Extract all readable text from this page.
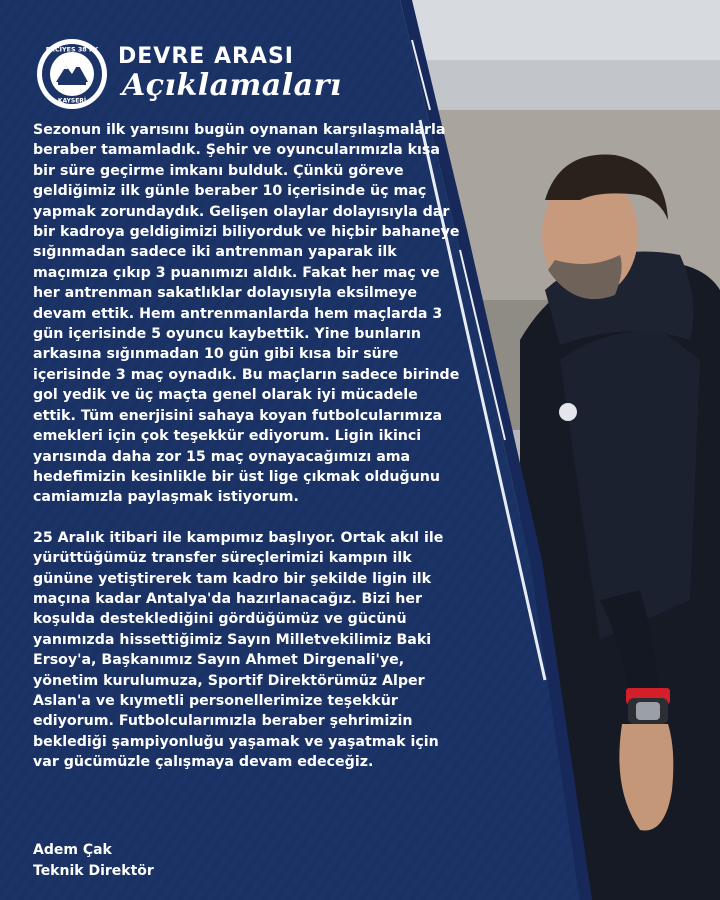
ERCİYES 38 FK
KAYSERİ
DEVRE ARASI
Açıklamaları

Sezonun ilk yarısını bugün oynanan karşılaşmalarla beraber tamamladık. Şehir ve oyuncularımızla kısa bir süre geçirme imkanı bulduk. Çünkü göreve geldiğimiz ilk günle beraber 10 içerisinde üç maç yapmak zorundaydık. Gelişen olaylar dolayısıyla dar bir kadroya geldigimizi biliyorduk ve hiçbir bahaneye sığınmadan sadece iki antrenman yaparak ilk maçımıza çıkıp 3 puanımızı aldık. Fakat her maç ve her antrenman sakatlıklar dolayısıyla eksilmeye devam ettik. Hem antrenmanlarda hem maçlarda 3 gün içerisinde 5 oyuncu kaybettik. Yine bunların arkasına sığınmadan 10 gün gibi kısa bir süre içerisinde 3 maç oynadık. Bu maçların sadece birinde gol yedik ve üç maçta genel olarak iyi mücadele ettik. Tüm enerjisini sahaya koyan futbolcularımıza emekleri için çok teşekkür ediyorum. Ligin ikinci yarısında daha zor 15 maç oynayacağımızı ama hedefimizin kesinlikle bir üst lige çıkmak olduğunu camiamızla paylaşmak istiyorum.

25 Aralık itibari ile kampımız başlıyor. Ortak akıl ile yürüttüğümüz transfer süreçlerimizi kampın ilk gününe yetiştirerek tam kadro bir şekilde ligin ilk maçına kadar Antalya'da hazırlanacağız. Bizi her koşulda desteklediğini gördüğümüz ve gücünü yanımızda hissettiğimiz Sayın Milletvekilimiz Baki Ersoy'a, Başkanımız Sayın Ahmet Dirgenali'ye, yönetim kurulumuza, Sportif Direktörümüz Alper Aslan'a ve kıymetli personellerimize teşekkür ediyorum. Futbolcularımızla beraber şehrimizin beklediği şampiyonluğu yaşamak ve yaşatmak için var gücümüzle çalışmaya devam edeceğiz.

Adem Çak
Teknik Direktör
